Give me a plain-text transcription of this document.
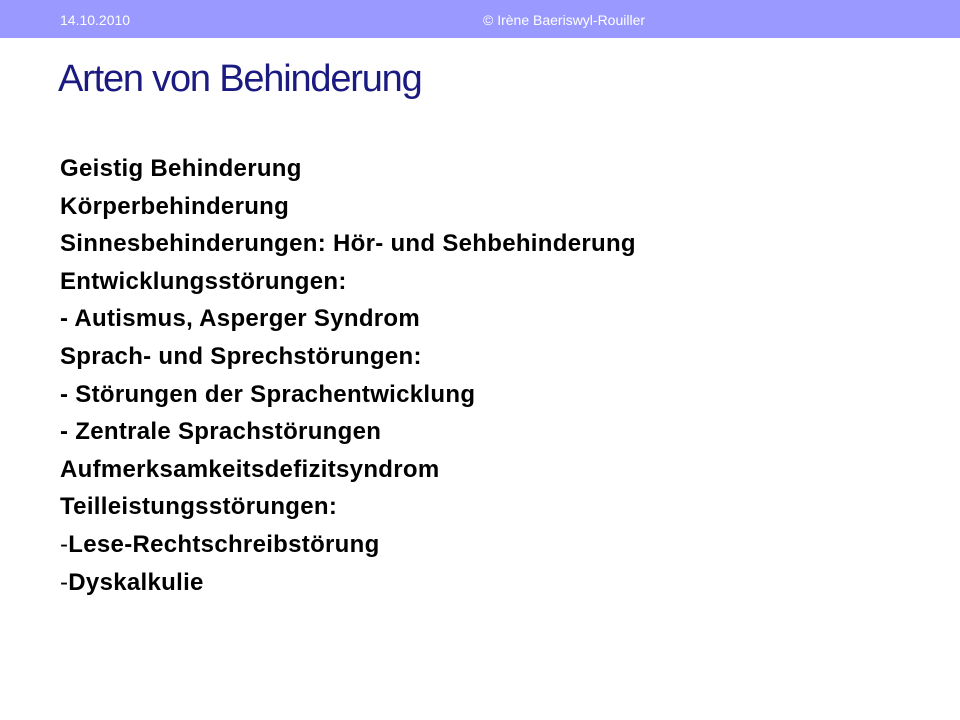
14.10.2010	© Irène Baeriswyl-Rouiller
Arten von Behinderung
Geistig Behinderung
Körperbehinderung
Sinnesbehinderungen: Hör- und Sehbehinderung
Entwicklungsstörungen:
- Autismus, Asperger Syndrom
Sprach- und Sprechstörungen:
- Störungen der Sprachentwicklung
- Zentrale Sprachstörungen
Aufmerksamkeitsdefizitsyndrom
Teilleistungsstörungen:
-Lese-Rechtschreibstörung
-Dyskalkulie
